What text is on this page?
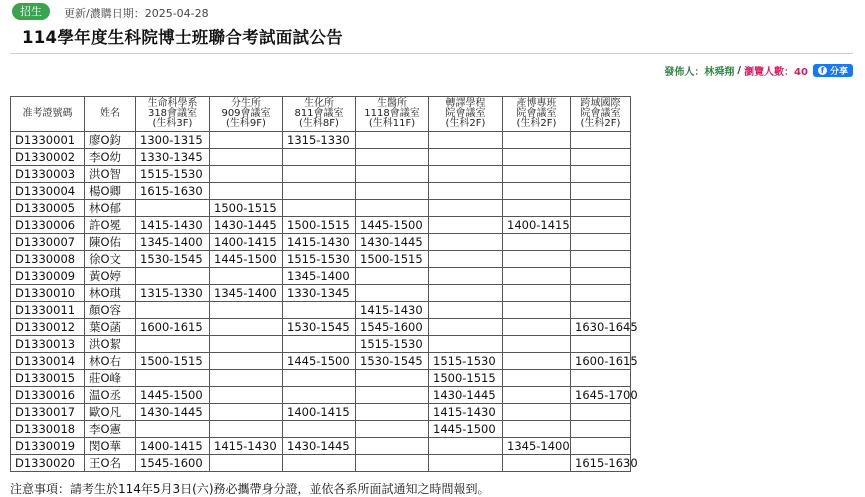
招生	更新/濃購日期：2025-04-28
114學年度生科院博士班聯合考試面試公告
發佈人：林舜翔 / 瀏覽人數：40	f 分享
准考證號碼	姓名	生命科學系
318會議室
(生科3F)	分生所
909會議室
(生科9F)	生化所
811會議室
(生科8F)	生醫所
1118會議室
(生科11F)	轉譯學程
院會議室
(生科2F)	產博專班
院會議室
(生科2F)	跨域國際
院會議室
(生科2F)
D1330001	廖O鈞	1300-1315		1315-1330				
D1330002	李O幼	1330-1345						
D1330003	洪O智	1515-1530						
D1330004	楊O卿	1615-1630						
D1330005	林O郁		1500-1515					
D1330006	許O冕	1415-1430	1430-1445	1500-1515	1445-1500		1400-1415	
D1330007	陳O佑	1345-1400	1400-1415	1415-1430	1430-1445			
D1330008	徐O文	1530-1545	1445-1500	1515-1530	1500-1515			
D1330009	黃O婷			1345-1400				
D1330010	林O琪	1315-1330	1345-1400	1330-1345				
D1330011	顏O容				1415-1430			
D1330012	葉O菡	1600-1615		1530-1545	1545-1600			1630-1645
D1330013	洪O絜				1515-1530			
D1330014	林O右	1500-1515		1445-1500	1530-1545	1515-1530		1600-1615
D1330015	莊O峰					1500-1515		
D1330016	温O丞	1445-1500				1430-1445		1645-1700
D1330017	歐O凡	1430-1445		1400-1415		1415-1430		
D1330018	李O憲					1445-1500		
D1330019	閔O華	1400-1415	1415-1430	1430-1445			1345-1400	
D1330020	王O名	1545-1600						1615-1630
注意事項：請考生於114年5月3日(六)務必攜帶身分證，並依各系所面試通知之時間報到。
